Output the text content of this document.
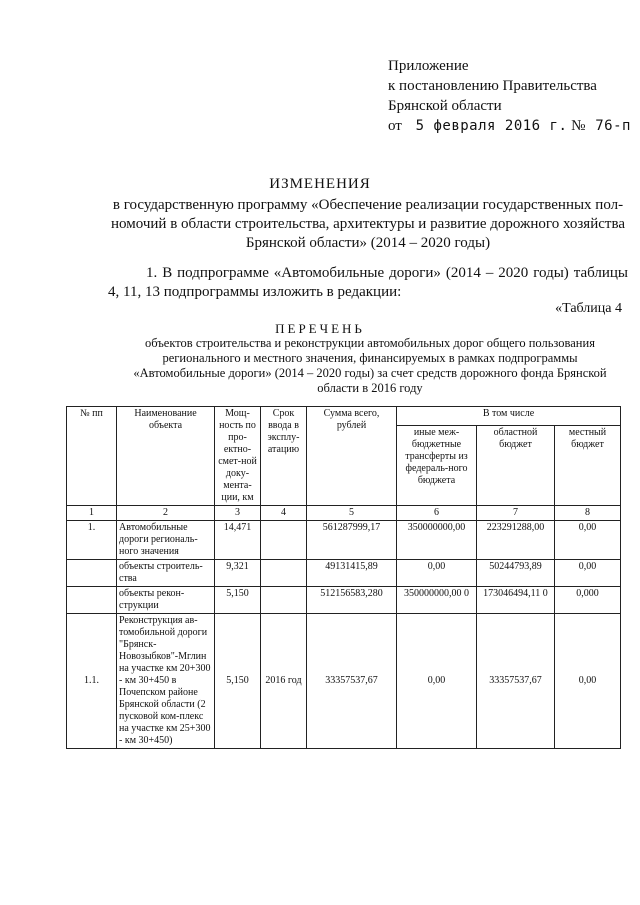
Приложение
к постановлению Правительства
Брянской области
от 5 февраля 2016 г. № 76-п
ИЗМЕНЕНИЯ
в государственную программу «Обеспечение реализации государственных пол-номочий в области строительства, архитектуры и развитие дорожного хозяйства Брянской области» (2014 – 2020 годы)
1. В подпрограмме «Автомобильные дороги» (2014 – 2020 годы) таблицы 4, 11, 13 подпрограммы изложить в редакции:
«Таблица 4
ПЕРЕЧЕНЬ
объектов строительства и реконструкции автомобильных дорог общего пользования регионального и местного значения, финансируемых в рамках подпрограммы «Автомобильные дороги» (2014 – 2020 годы) за счет средств дорожного фонда Брянской области в 2016 году
№ пп	Наименование объекта	Мощ-ность по про-ектно-смет-ной доку-мента-ции, км	Срок ввода в эксплу-атацию	Сумма всего, рублей	В том числе		
					иные меж-бюджетные трансферты из федераль-ного бюджета	областной бюджет	местный бюджет
1	2	3	4	5	6	7	8
1.	Автомобильные дороги региональ-ного значения	14,471		561287999,17	350000000,00	223291288,00	0,00
	объекты строитель-ства	9,321		49131415,89	0,00	50244793,89	0,00
	объекты рекон-струкции	5,150		512156583,280	350000000,00 0	173046494,11 0	0,000
1.1.	Реконструкция ав-томобильной дороги "Брянск-Новозыбков"-Мглин на участке км 20+300 - км 30+450 в Почепском районе Брянской области (2 пусковой ком-плекс на участке км 25+300 - км 30+450)	5,150	2016 год	33357537,67	0,00	33357537,67	0,00
